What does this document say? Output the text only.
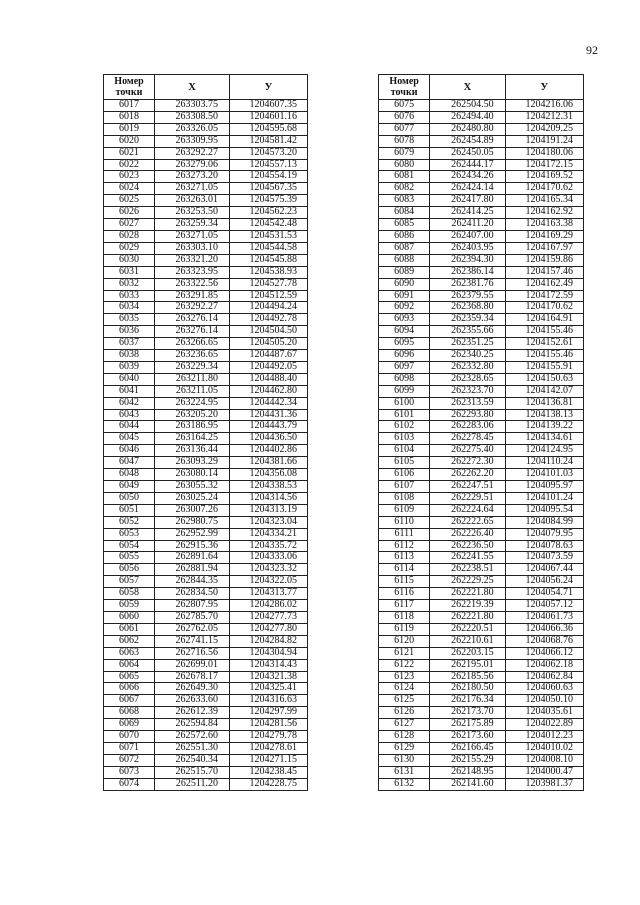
92
Номер
точки	Х	У
6017	263303.75	1204607.35
6018	263308.50	1204601.16
6019	263326.05	1204595.68
6020	263309.95	1204581.42
6021	263292.27	1204573.20
6022	263279.06	1204557.13
6023	263273.20	1204554.19
6024	263271.05	1204567.35
6025	263263.01	1204575.39
6026	263253.50	1204562.23
6027	263259.34	1204542.48
6028	263271.05	1204531.53
6029	263303.10	1204544.58
6030	263321.20	1204545.88
6031	263323.95	1204538.93
6032	263322.56	1204527.78
6033	263291.85	1204512.59
6034	263292.27	1204494.24
6035	263276.14	1204492.78
6036	263276.14	1204504.50
6037	263266.65	1204505.20
6038	263236.65	1204487.67
6039	263229.34	1204492.05
6040	263211.80	1204488.40
6041	263211.05	1204462.80
6042	263224.95	1204442.34
6043	263205.20	1204431.36
6044	263186.95	1204443.79
6045	263164.25	1204436.50
6046	263136.44	1204402.86
6047	263093.29	1204381.66
6048	263080.14	1204356.08
6049	263055.32	1204338.53
6050	263025.24	1204314.56
6051	263007.26	1204313.19
6052	262980.75	1204323.04
6053	262952.99	1204334.21
6054	262915.36	1204335.72
6055	262891.64	1204333.06
6056	262881.94	1204323.32
6057	262844.35	1204322.05
6058	262834.50	1204313.77
6059	262807.95	1204286.02
6060	262785.70	1204277.73
6061	262762.05	1204277.80
6062	262741.15	1204284.82
6063	262716.56	1204304.94
6064	262699.01	1204314.43
6065	262678.17	1204321.38
6066	262649.30	1204325.41
6067	262633.60	1204316.63
6068	262612.39	1204297.99
6069	262594.84	1204281.56
6070	262572.60	1204279.78
6071	262551.30	1204278.61
6072	262540.34	1204271.15
6073	262515.70	1204238.45
6074	262511.20	1204228.75
Номер
точки	Х	У
6075	262504.50	1204216.06
6076	262494.40	1204212.31
6077	262480.80	1204209.25
6078	262454.89	1204191.24
6079	262450.05	1204180.06
6080	262444.17	1204172.15
6081	262434.26	1204169.52
6082	262424.14	1204170.62
6083	262417.80	1204165.34
6084	262414.25	1204162.92
6085	262411.20	1204163.38
6086	262407.00	1204169.29
6087	262403.95	1204167.97
6088	262394.30	1204159.86
6089	262386.14	1204157.46
6090	262381.76	1204162.49
6091	262379.55	1204172.59
6092	262368.80	1204170.62
6093	262359.34	1204164.91
6094	262355.66	1204155.46
6095	262351.25	1204152.61
6096	262340.25	1204155.46
6097	262332.80	1204155.91
6098	262328.65	1204150.63
6099	262323.70	1204142.07
6100	262313.59	1204136.81
6101	262293.80	1204138.13
6102	262283.06	1204139.22
6103	262278.45	1204134.61
6104	262275.40	1204124.95
6105	262272.30	1204110.24
6106	262262.20	1204101.03
6107	262247.51	1204095.97
6108	262229.51	1204101.24
6109	262224.64	1204095.54
6110	262222.65	1204084.99
6111	262226.40	1204079.95
6112	262236.50	1204078.63
6113	262241.55	1204073.59
6114	262238.51	1204067.44
6115	262229.25	1204056.24
6116	262221.80	1204054.71
6117	262219.39	1204057.12
6118	262221.80	1204061.73
6119	262220.51	1204066.36
6120	262210.61	1204068.76
6121	262203.15	1204066.12
6122	262195.01	1204062.18
6123	262185.56	1204062.84
6124	262180.50	1204060.63
6125	262176.34	1204050.10
6126	262173.70	1204035.61
6127	262175.89	1204022.89
6128	262173.60	1204012.23
6129	262166.45	1204010.02
6130	262155.29	1204008.10
6131	262148.95	1204000.47
6132	262141.60	1203981.37
